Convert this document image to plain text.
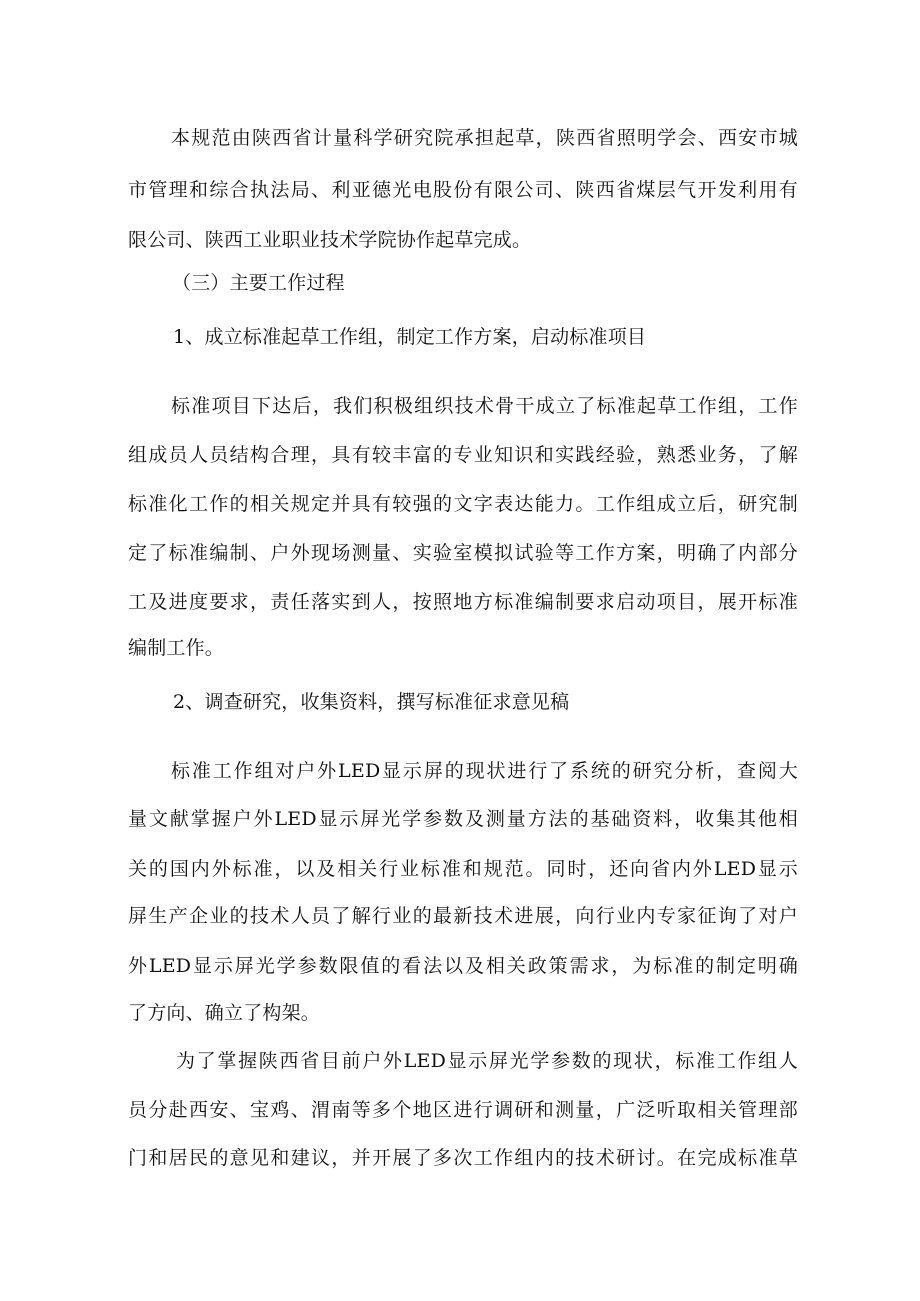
本规范由陕西省计量科学研究院承担起草，陕西省照明学会、西安市城
市管理和综合执法局、利亚德光电股份有限公司、陕西省煤层气开发利用有
限公司、陕西工业职业技术学院协作起草完成。
（三）主要工作过程
1、成立标准起草工作组，制定工作方案，启动标准项目
标准项目下达后，我们积极组织技术骨干成立了标准起草工作组，工作
组成员人员结构合理，具有较丰富的专业知识和实践经验，熟悉业务，了解
标准化工作的相关规定并具有较强的文字表达能力。工作组成立后，研究制
定了标准编制、户外现场测量、实验室模拟试验等工作方案，明确了内部分
工及进度要求，责任落实到人，按照地方标准编制要求启动项目，展开标准
编制工作。
2、调查研究，收集资料，撰写标准征求意见稿
标准工作组对户外LED显示屏的现状进行了系统的研究分析，查阅大
量文献掌握户外LED显示屏光学参数及测量方法的基础资料，收集其他相
关的国内外标准，以及相关行业标准和规范。同时，还向省内外LED显示
屏生产企业的技术人员了解行业的最新技术进展，向行业内专家征询了对户
外LED显示屏光学参数限值的看法以及相关政策需求，为标准的制定明确
了方向、确立了构架。
为了掌握陕西省目前户外LED显示屏光学参数的现状，标准工作组人
员分赴西安、宝鸡、渭南等多个地区进行调研和测量，广泛听取相关管理部
门和居民的意见和建议，并开展了多次工作组内的技术研讨。在完成标准草
